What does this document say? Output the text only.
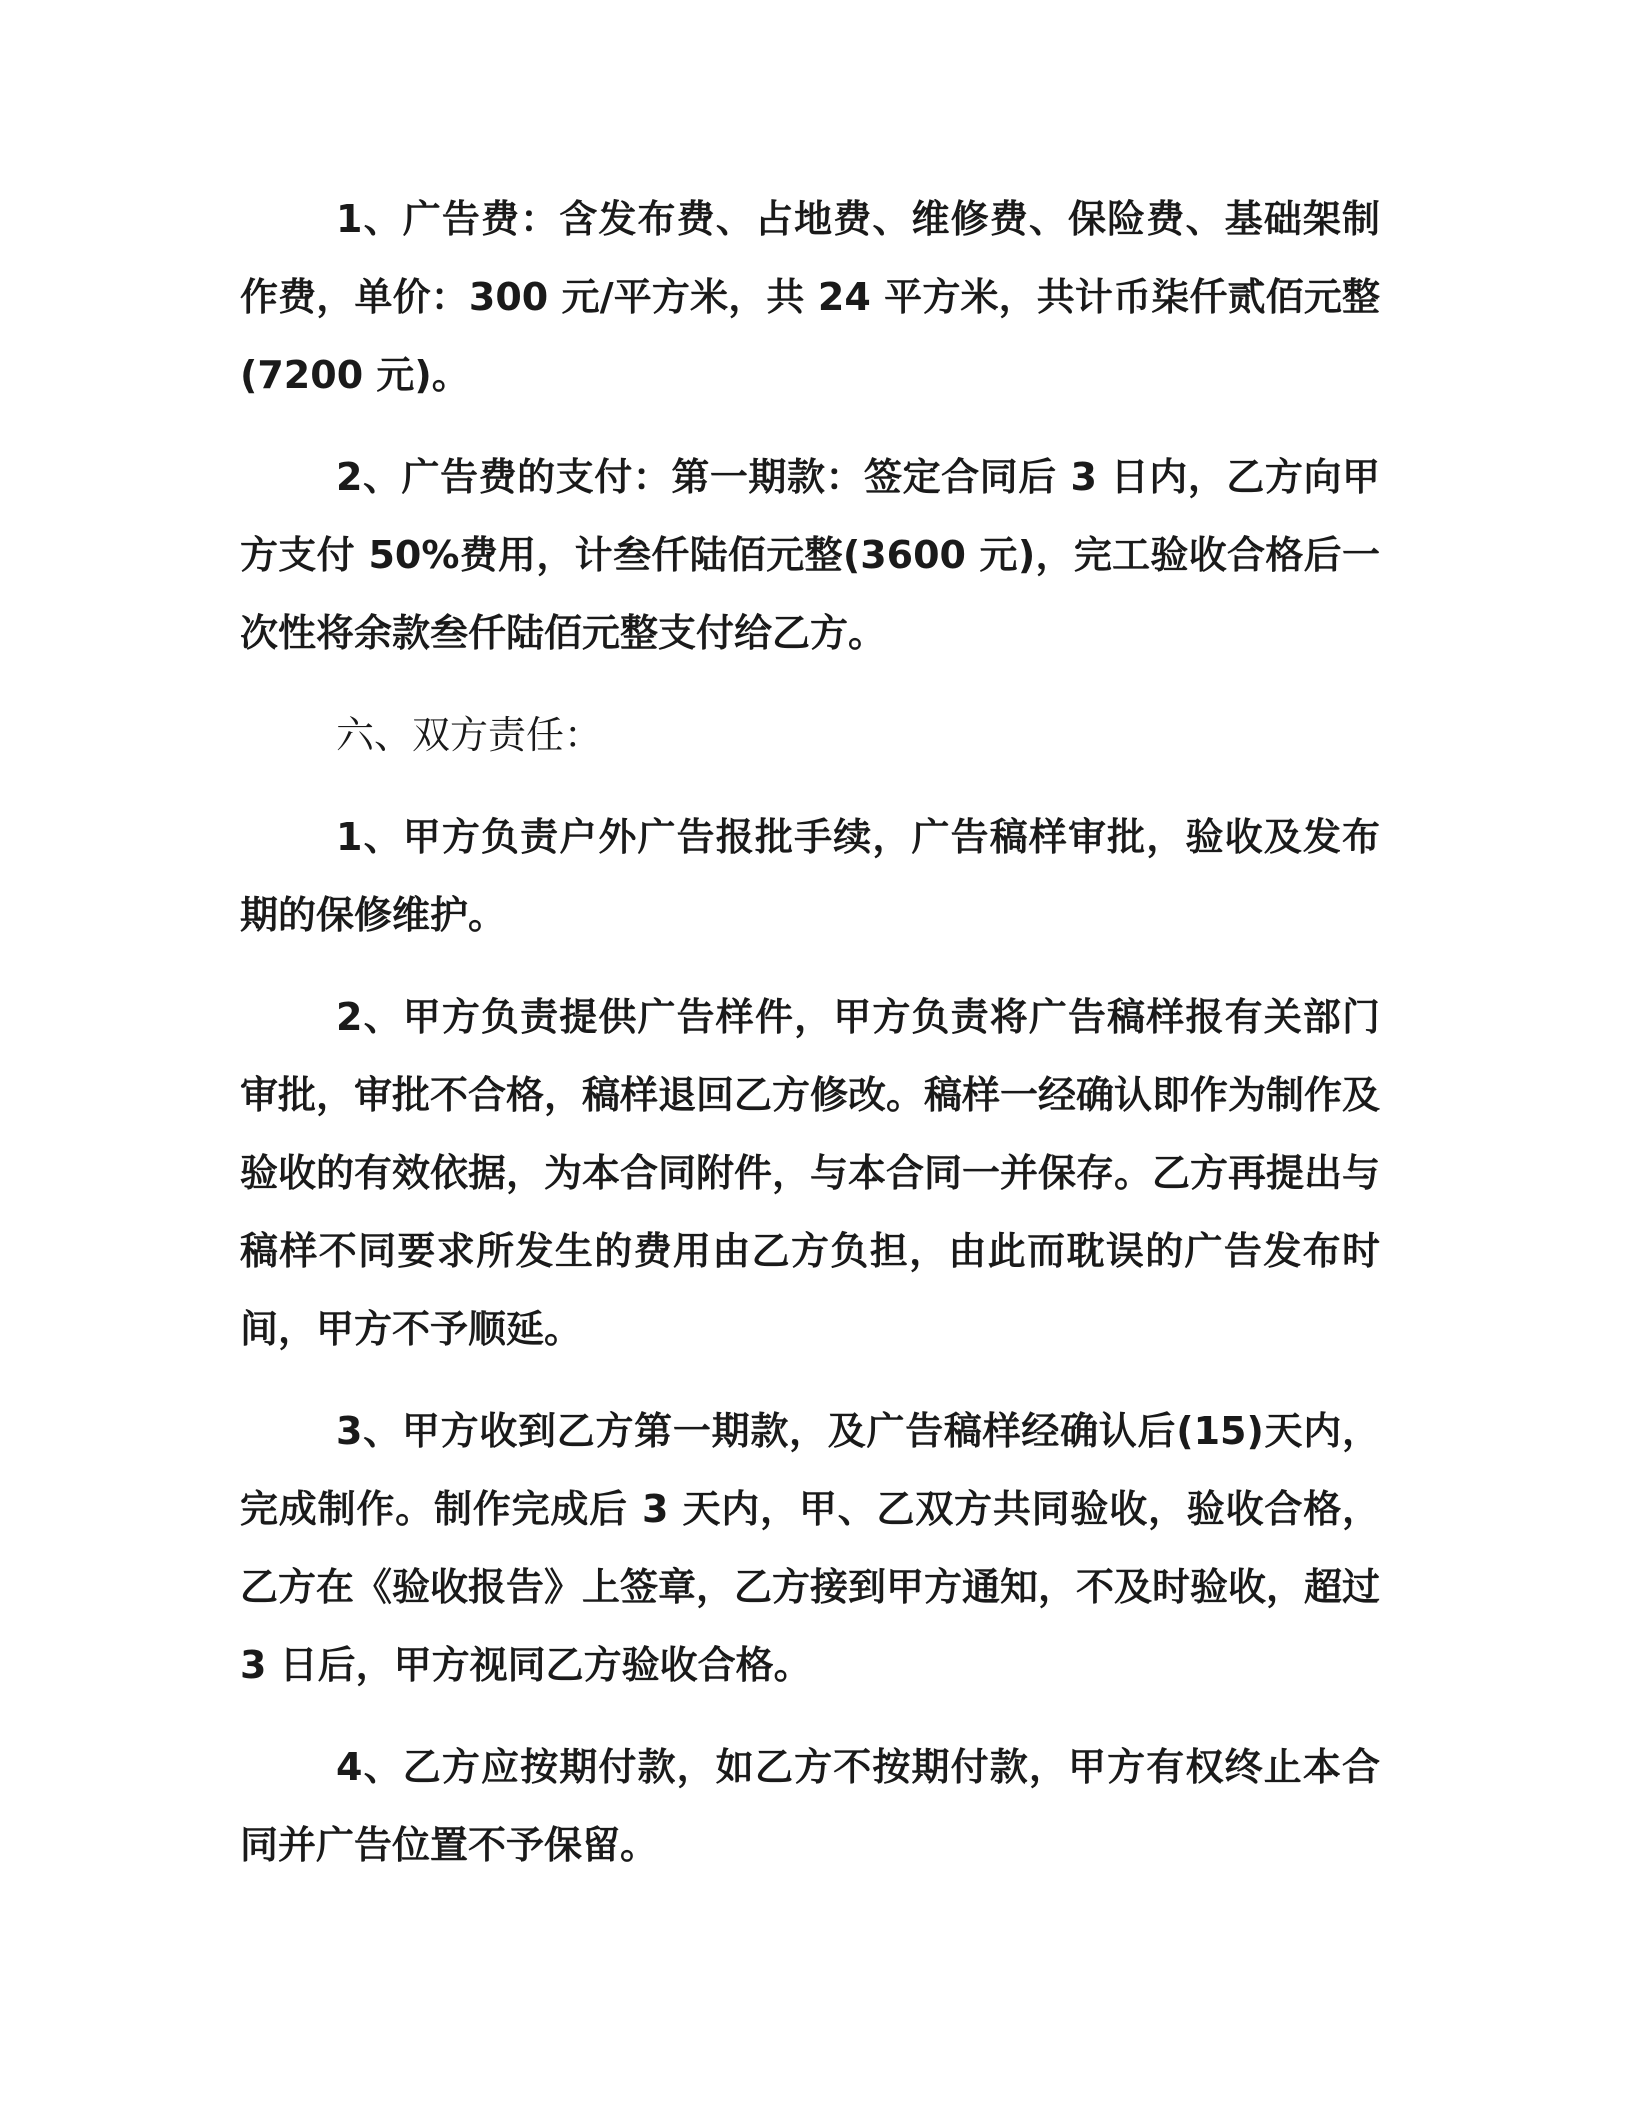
1、广告费：含发布费、占地费、维修费、保险费、基础架制作费，单价：300 元/平方米，共 24 平方米，共计币柒仟贰佰元整(7200 元)。

2、广告费的支付：第一期款：签定合同后 3 日内，乙方向甲方支付 50%费用，计叁仟陆佰元整(3600 元)，完工验收合格后一次性将余款叁仟陆佰元整支付给乙方。

六、双方责任：

1、甲方负责户外广告报批手续，广告稿样审批，验收及发布期的保修维护。

2、甲方负责提供广告样件，甲方负责将广告稿样报有关部门审批，审批不合格，稿样退回乙方修改。稿样一经确认即作为制作及验收的有效依据，为本合同附件，与本合同一并保存。乙方再提出与稿样不同要求所发生的费用由乙方负担，由此而耽误的广告发布时间，甲方不予顺延。

3、甲方收到乙方第一期款，及广告稿样经确认后(15)天内，完成制作。制作完成后 3 天内，甲、乙双方共同验收，验收合格，乙方在《验收报告》上签章，乙方接到甲方通知，不及时验收，超过 3 日后，甲方视同乙方验收合格。

4、乙方应按期付款，如乙方不按期付款，甲方有权终止本合同并广告位置不予保留。
